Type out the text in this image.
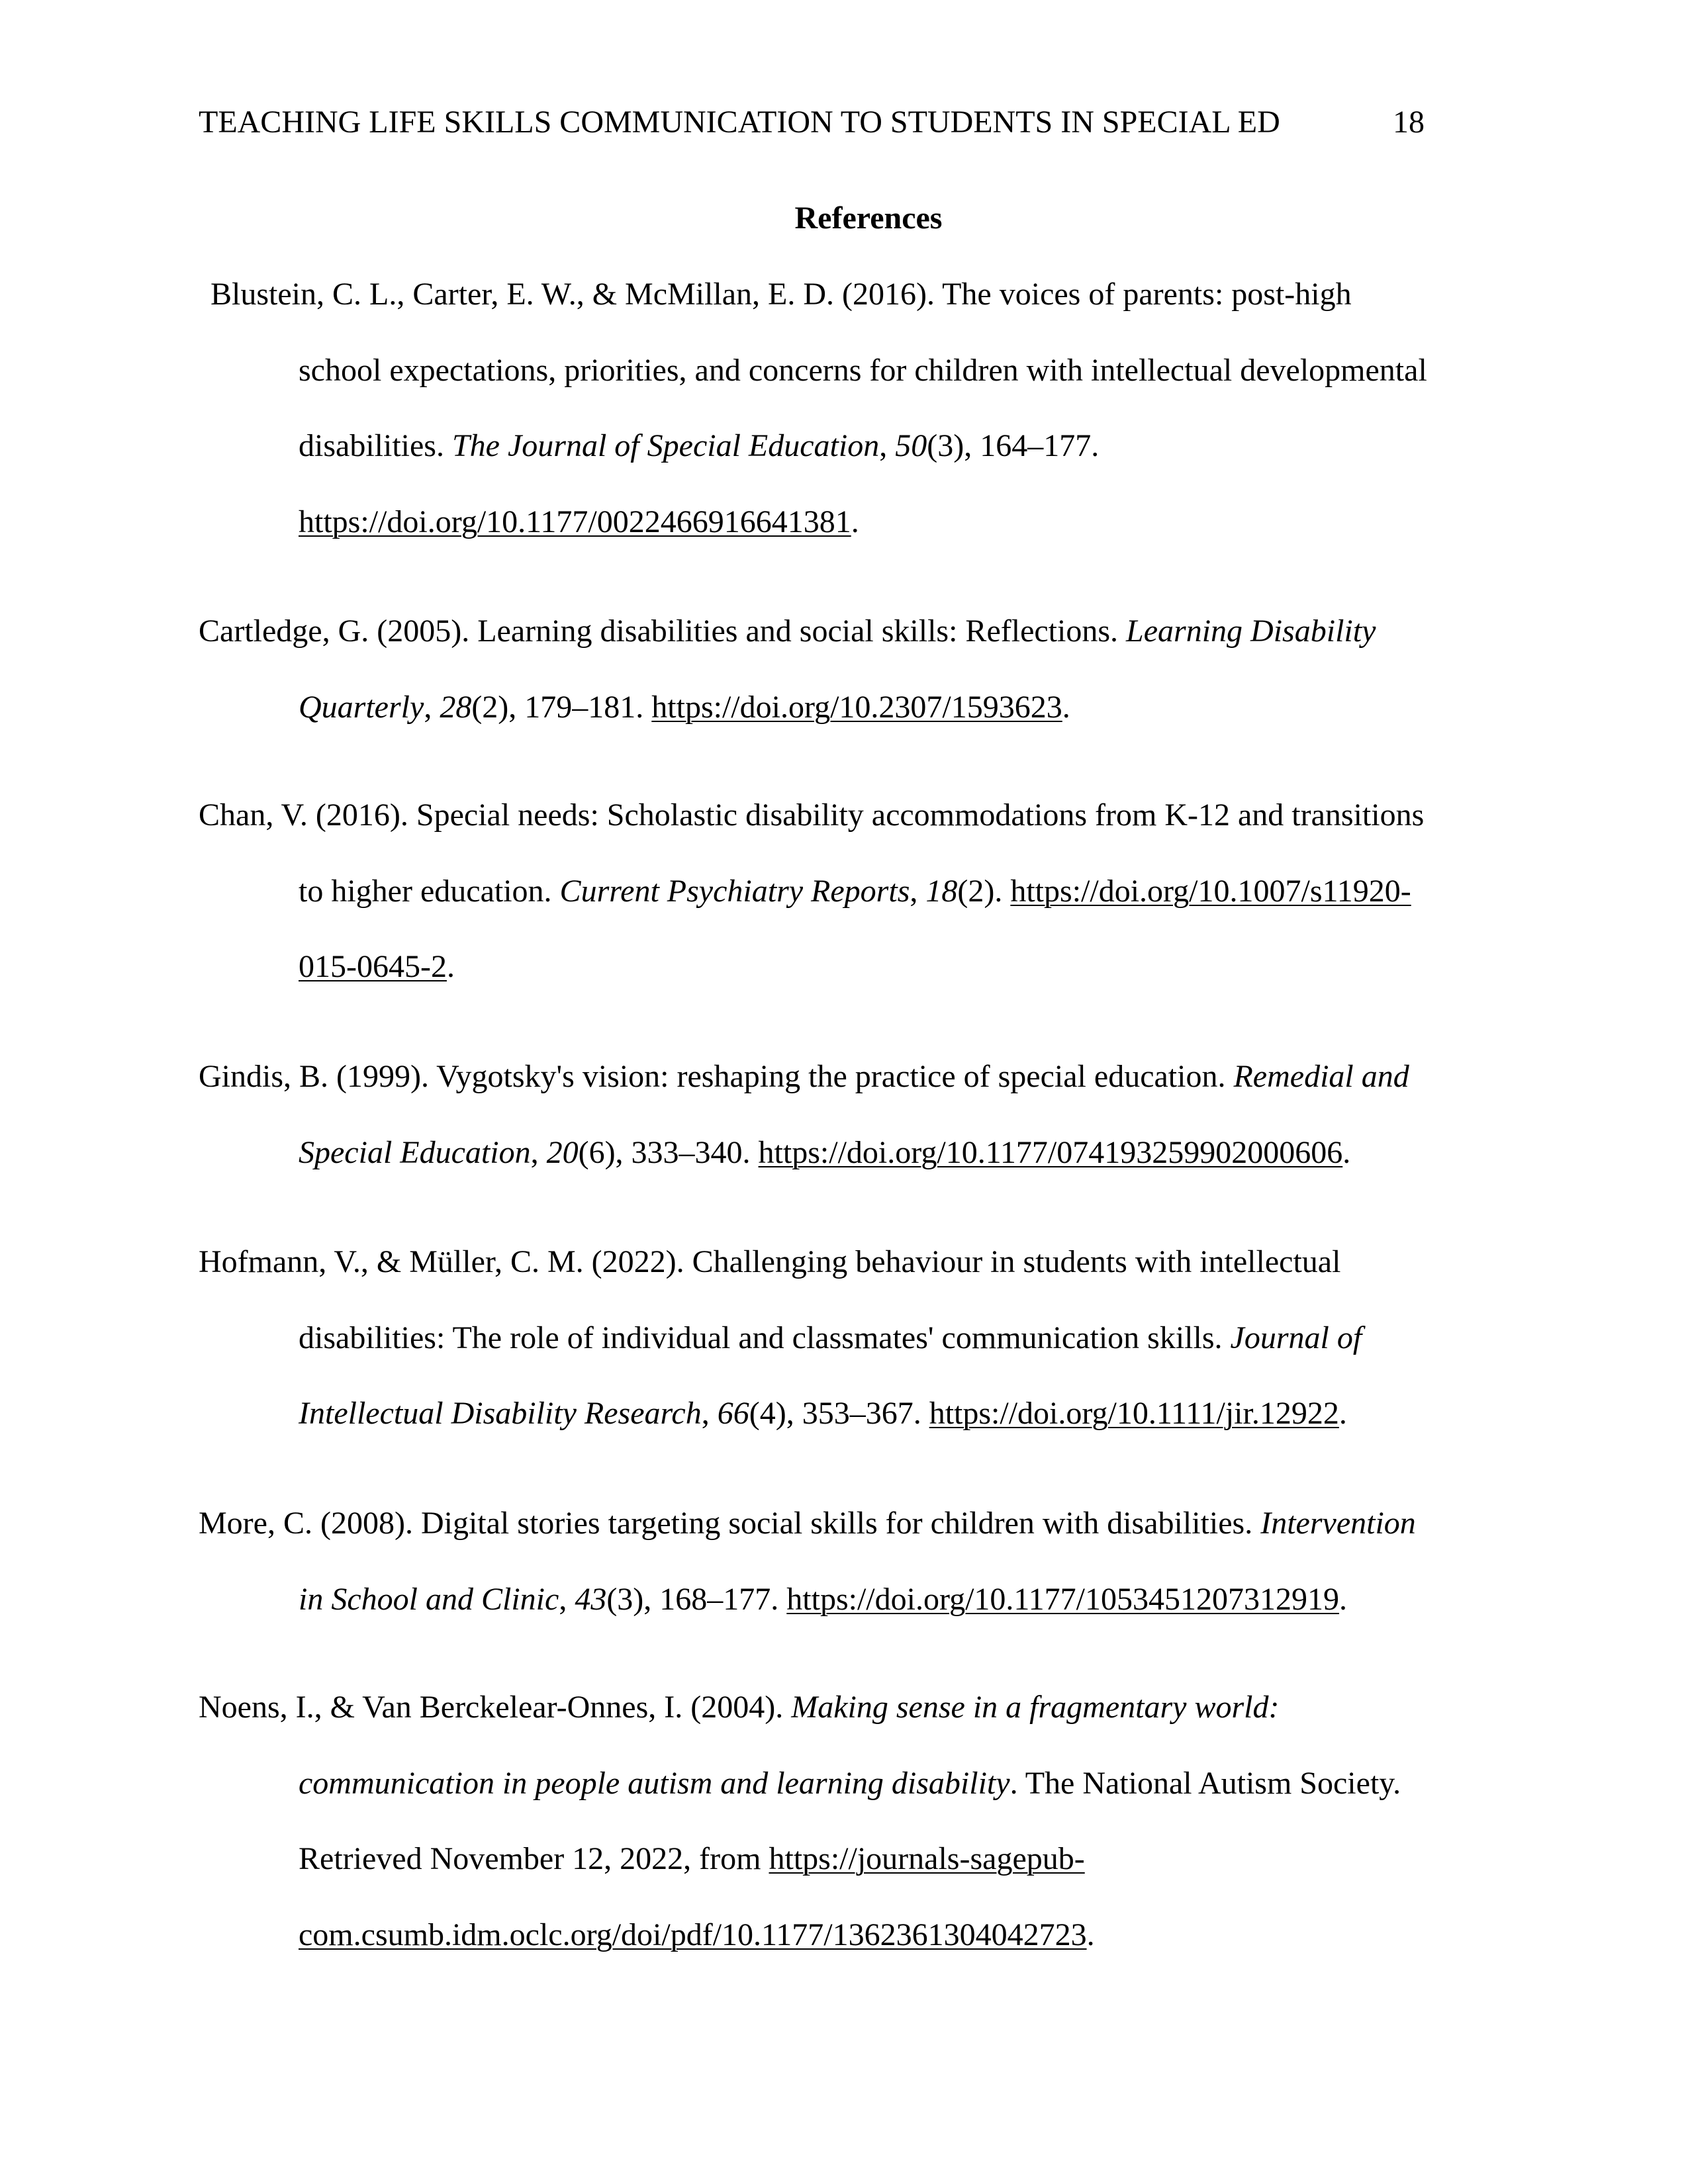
TEACHING LIFE SKILLS COMMUNICATION TO STUDENTS IN SPECIAL ED	18
References
Blustein, C. L., Carter, E. W., & McMillan, E. D. (2016). The voices of parents: post-high
school expectations, priorities, and concerns for children with intellectual developmental
disabilities. The Journal of Special Education, 50(3), 164–177.
https://doi.org/10.1177/0022466916641381.
Cartledge, G. (2005). Learning disabilities and social skills: Reflections. Learning Disability
Quarterly, 28(2), 179–181. https://doi.org/10.2307/1593623.
Chan, V. (2016). Special needs: Scholastic disability accommodations from K-12 and transitions
to higher education. Current Psychiatry Reports, 18(2). https://doi.org/10.1007/s11920-
015-0645-2.
Gindis, B. (1999). Vygotsky's vision: reshaping the practice of special education. Remedial and
Special Education, 20(6), 333–340. https://doi.org/10.1177/074193259902000606.
Hofmann, V., & Müller, C. M. (2022). Challenging behaviour in students with intellectual
disabilities: The role of individual and classmates' communication skills. Journal of
Intellectual Disability Research, 66(4), 353–367. https://doi.org/10.1111/jir.12922.
More, C. (2008). Digital stories targeting social skills for children with disabilities. Intervention
in School and Clinic, 43(3), 168–177. https://doi.org/10.1177/1053451207312919.
Noens, I., & Van Berckelear-Onnes, I. (2004). Making sense in a fragmentary world:
communication in people autism and learning disability. The National Autism Society.
Retrieved November 12, 2022, from https://journals-sagepub-
com.csumb.idm.oclc.org/doi/pdf/10.1177/1362361304042723.
